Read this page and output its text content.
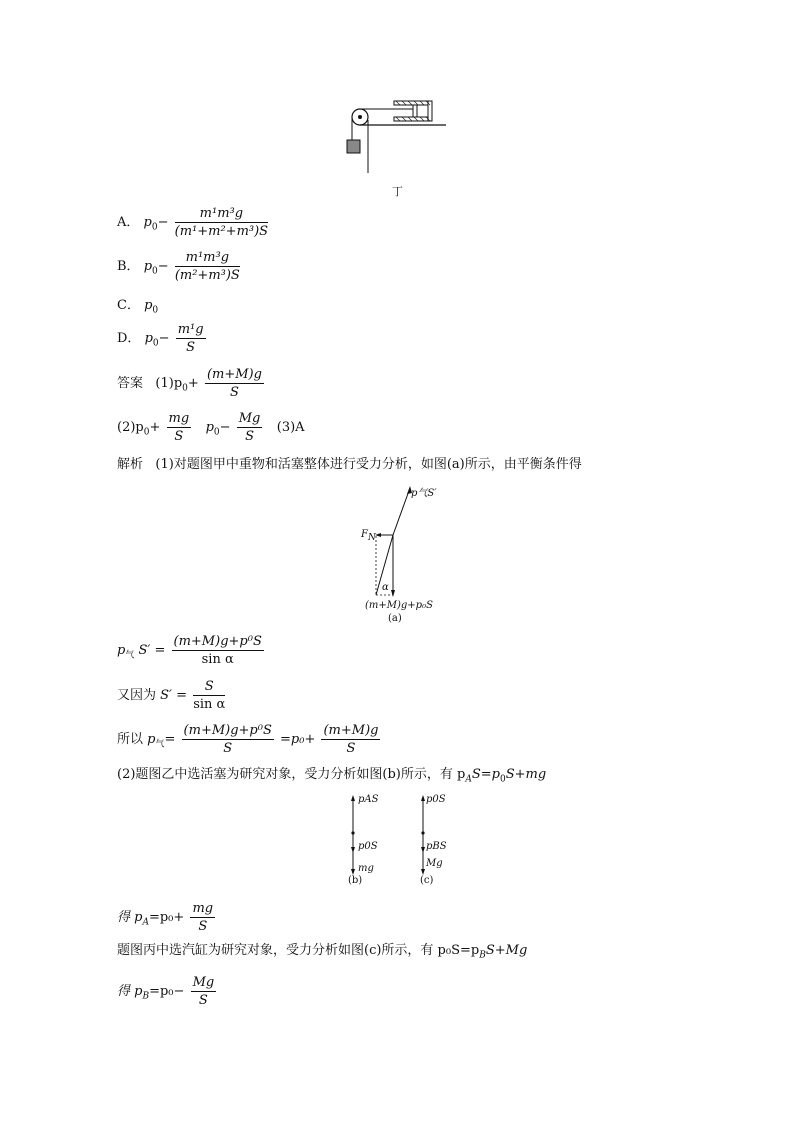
丁
A． $p_0- \frac{\text{m¹m³g}}{\text{(m¹+m²+m³)S}}$
B． $p_0- \frac{\text{m¹m³g}}{\text{(m²+m³)S}}$
C． $p_0$
D． $p_0- \frac{\text{m¹g}}{S}$
答案 $(1)p_0+ \frac{(m+M)g}{S}$
$(2)p_0+ \frac{mg}{S} p_0- \frac{Mg}{S} (3)A$
解析 (1)对题图甲中重物和活塞整体进行受力分析，如图(a)所示，由平衡条件得
p气S′
$F_N$
α
(m+M)g+p₀S
(a)
$p_气$ $S' = \frac{\text{(m+M)g+p⁰S}}{\text{sin α}}$
又因为 $S' = \frac{S}{\text{sin α}}$
所以 $p_气= \frac{\text{(m+M)g+p⁰S}}{S} =p_0+ \frac{(m+M)g}{S}$
(2)题图乙中选活塞为研究对象，受力分析如图(b)所示，有 $p_AS=p_0S+mg$
pAS
p0S
mg
(b)
p0S
pBS
Mg
(c)
得 $p_A=p_0+ \frac{mg}{S}$
题图丙中选汽缸为研究对象，受力分析如图(c)所示，有 $p_0S=p_BS+Mg$
得 $p_B=p_0- \frac{Mg}{S}$
